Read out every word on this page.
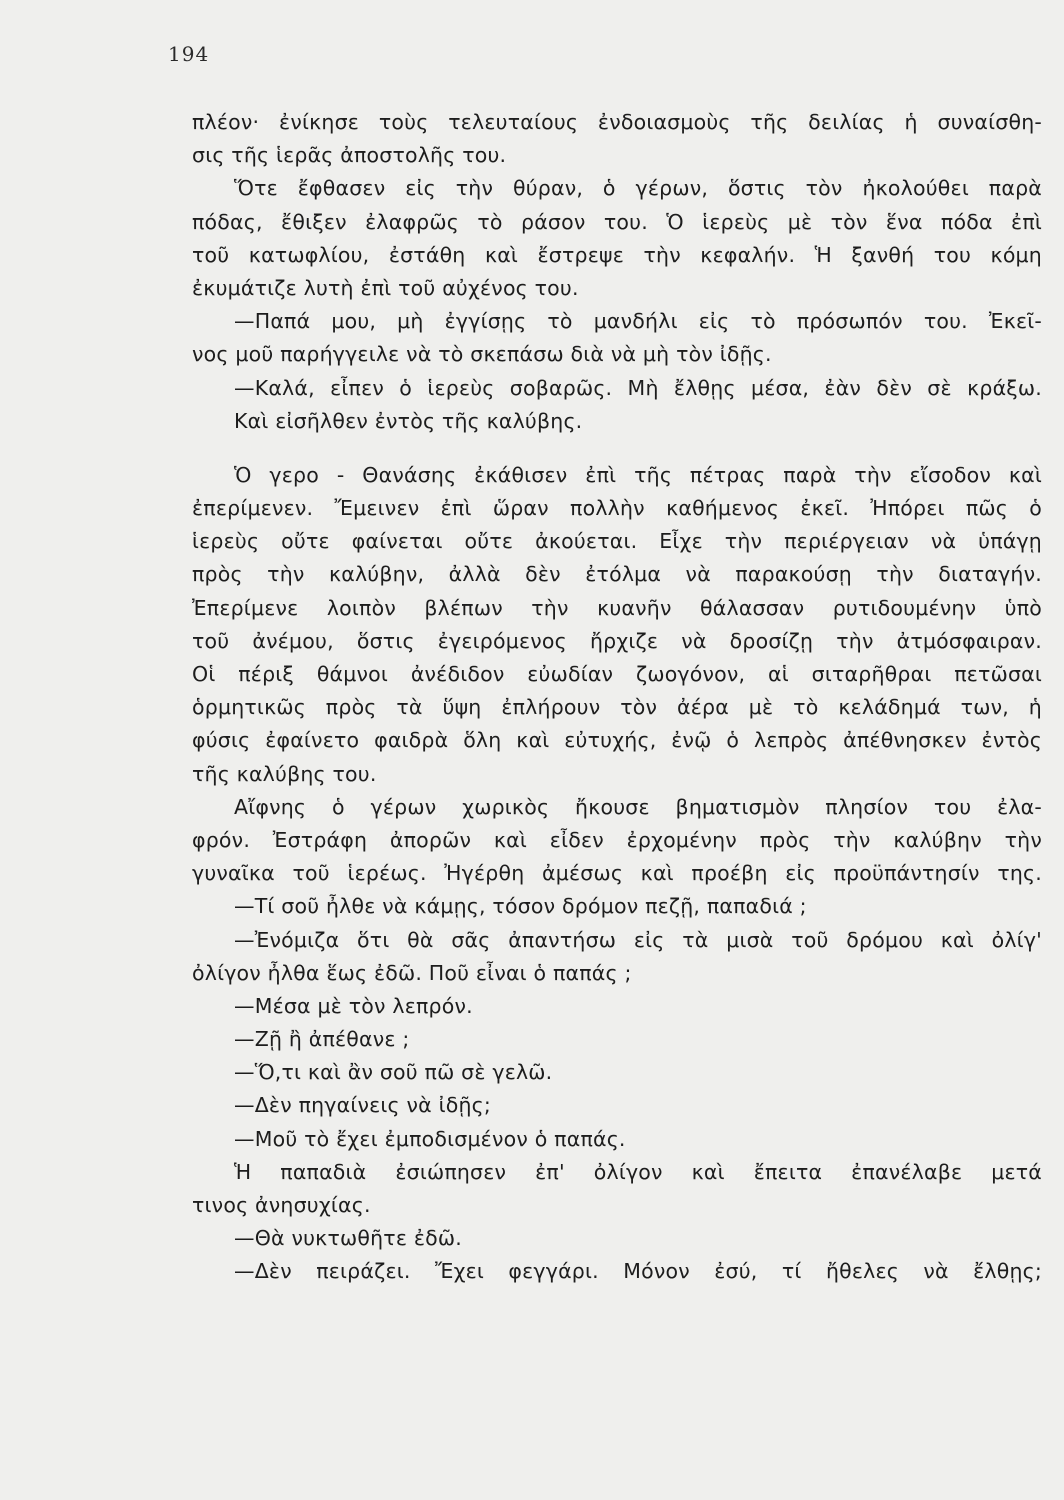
194
πλέον· ἐνίκησε τοὺς τελευταίους ἐνδοιασμοὺς τῆς δειλίας ἡ συναίσθη-
σις τῆς ἱερᾶς ἀποστολῆς του.
Ὅτε ἔφθασεν εἰς τὴν θύραν, ὁ γέρων, ὅστις τὸν ἠκολούθει παρὰ
πόδας, ἔθιξεν ἐλαφρῶς τὸ ράσον του. Ὁ ἱερεὺς μὲ τὸν ἕνα πόδα ἐπὶ
τοῦ κατωφλίου, ἐστάθη καὶ ἔστρεψε τὴν κεφαλήν. Ἡ ξανθή του κόμη
ἐκυμάτιζε λυτὴ ἐπὶ τοῦ αὐχένος του.
—Παπά μου, μὴ ἐγγίσῃς τὸ μανδήλι εἰς τὸ πρόσωπόν του. Ἐκεῖ-
νος μοῦ παρήγγειλε νὰ τὸ σκεπάσω διὰ νὰ μὴ τὸν ἰδῇς.
—Καλά, εἶπεν ὁ ἱερεὺς σοβαρῶς. Μὴ ἔλθῃς μέσα, ἐὰν δὲν σὲ κράξω.
Καὶ εἰσῆλθεν ἐντὸς τῆς καλύβης.
Ὁ γερο - Θανάσης ἐκάθισεν ἐπὶ τῆς πέτρας παρὰ τὴν εἴσοδον καὶ
ἐπερίμενεν. Ἔμεινεν ἐπὶ ὥραν πολλὴν καθήμενος ἐκεῖ. Ἠπόρει πῶς ὁ
ἱερεὺς οὔτε φαίνεται οὔτε ἀκούεται. Εἶχε τὴν περιέργειαν νὰ ὑπάγῃ
πρὸς τὴν καλύβην, ἀλλὰ δὲν ἐτόλμα νὰ παρακούσῃ τὴν διαταγήν.
Ἐπερίμενε λοιπὸν βλέπων τὴν κυανῆν θάλασσαν ρυτιδουμένην ὑπὸ
τοῦ ἀνέμου, ὅστις ἐγειρόμενος ἤρχιζε νὰ δροσίζῃ τὴν ἀτμόσφαιραν.
Οἱ πέριξ θάμνοι ἀνέδιδον εὐωδίαν ζωογόνον, αἱ σιταρῆθραι πετῶσαι
ὁρμητικῶς πρὸς τὰ ὕψη ἐπλήρουν τὸν ἀέρα μὲ τὸ κελάδημά των, ἡ
φύσις ἐφαίνετο φαιδρὰ ὅλη καὶ εὐτυχής, ἐνῷ ὁ λεπρὸς ἀπέθνησκεν ἐντὸς
τῆς καλύβης του.
Αἴφνης ὁ γέρων χωρικὸς ἤκουσε βηματισμὸν πλησίον του ἐλα-
φρόν. Ἐστράφη ἀπορῶν καὶ εἶδεν ἐρχομένην πρὸς τὴν καλύβην τὴν
γυναῖκα τοῦ ἱερέως. Ἠγέρθη ἀμέσως καὶ προέβη εἰς προϋπάντησίν της.
—Τί σοῦ ἦλθε νὰ κάμῃς, τόσον δρόμον πεζῇ, παπαδιά ;
—Ἐνόμιζα ὅτι θὰ σᾶς ἀπαντήσω εἰς τὰ μισὰ τοῦ δρόμου καὶ ὀλίγ'
ὀλίγον ἦλθα ἕως ἐδῶ. Ποῦ εἶναι ὁ παπάς ;
—Μέσα μὲ τὸν λεπρόν.
—Ζῇ ἢ ἀπέθανε ;
—Ὅ,τι καὶ ἂν σοῦ πῶ σὲ γελῶ.
—Δὲν πηγαίνεις νὰ ἰδῇς;
—Μοῦ τὸ ἔχει ἐμποδισμένον ὁ παπάς.
Ἡ παπαδιὰ ἐσιώπησεν ἐπ' ὀλίγον καὶ ἔπειτα ἐπανέλαβε μετά
τινος ἀνησυχίας.
—Θὰ νυκτωθῆτε ἐδῶ.
—Δὲν πειράζει. Ἔχει φεγγάρι. Μόνον ἐσύ, τί ἤθελες νὰ ἔλθῃς;
